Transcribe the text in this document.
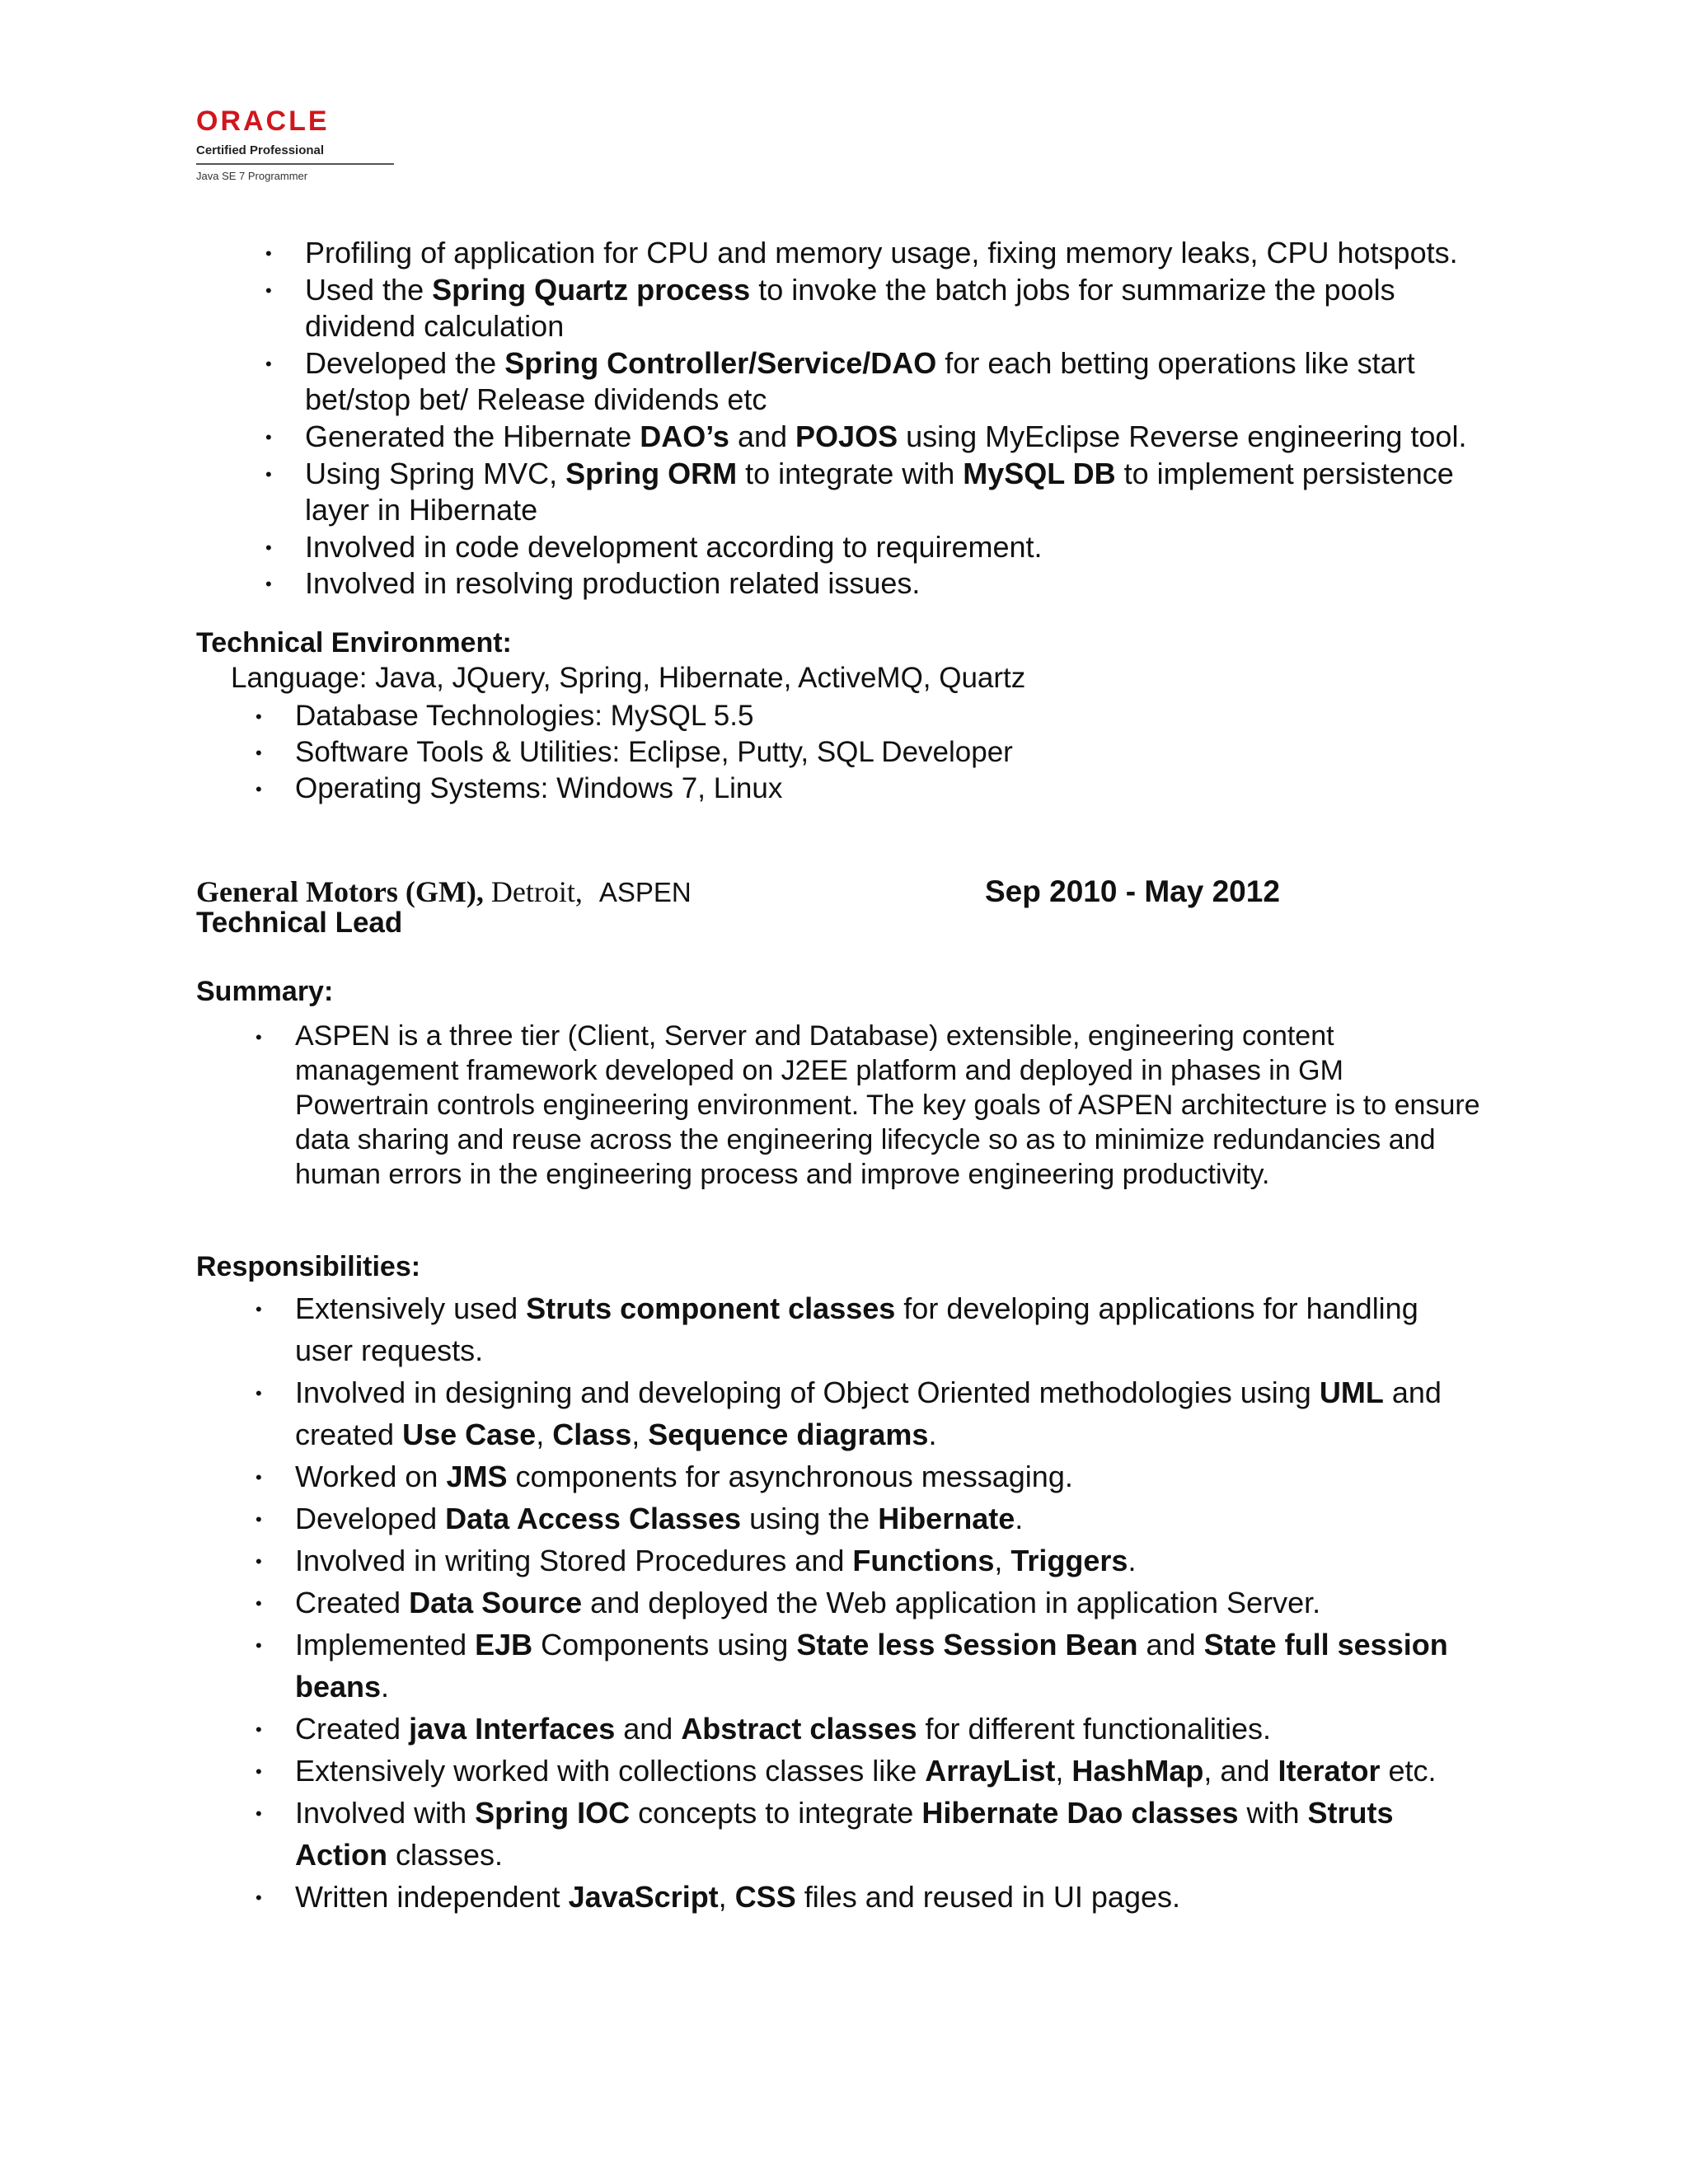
ORACLE
Certified Professional
Java SE 7 Programmer
• Profiling of application for CPU and memory usage, fixing memory leaks, CPU hotspots.
• Used the Spring Quartz process to invoke the batch jobs for summarize the pools dividend calculation
• Developed the Spring Controller/Service/DAO for each betting operations like start bet/stop bet/ Release dividends etc
• Generated the Hibernate DAO’s and POJOS using MyEclipse Reverse engineering tool.
• Using Spring MVC, Spring ORM to integrate with MySQL DB to implement persistence layer in Hibernate
• Involved in code development according to requirement.
• Involved in resolving production related issues.
Technical Environment:
Language: Java, JQuery, Spring, Hibernate, ActiveMQ, Quartz
• Database Technologies: MySQL 5.5
• Software Tools & Utilities: Eclipse, Putty, SQL Developer
• Operating Systems: Windows 7, Linux
General Motors (GM), Detroit, ASPEN	Sep 2010 - May 2012
Technical Lead
Summary:
• ASPEN is a three tier (Client, Server and Database) extensible, engineering content management framework developed on J2EE platform and deployed in phases in GM Powertrain controls engineering environment. The key goals of ASPEN architecture is to ensure data sharing and reuse across the engineering lifecycle so as to minimize redundancies and human errors in the engineering process and improve engineering productivity.
Responsibilities:
• Extensively used Struts component classes for developing applications for handling user requests.
• Involved in designing and developing of Object Oriented methodologies using UML and created Use Case, Class, Sequence diagrams.
• Worked on JMS components for asynchronous messaging.
• Developed Data Access Classes using the Hibernate.
• Involved in writing Stored Procedures and Functions, Triggers.
• Created Data Source and deployed the Web application in application Server.
• Implemented EJB Components using State less Session Bean and State full session beans.
• Created java Interfaces and Abstract classes for different functionalities.
• Extensively worked with collections classes like ArrayList, HashMap, and Iterator etc.
• Involved with Spring IOC concepts to integrate Hibernate Dao classes with Struts Action classes.
• Written independent JavaScript, CSS files and reused in UI pages.
